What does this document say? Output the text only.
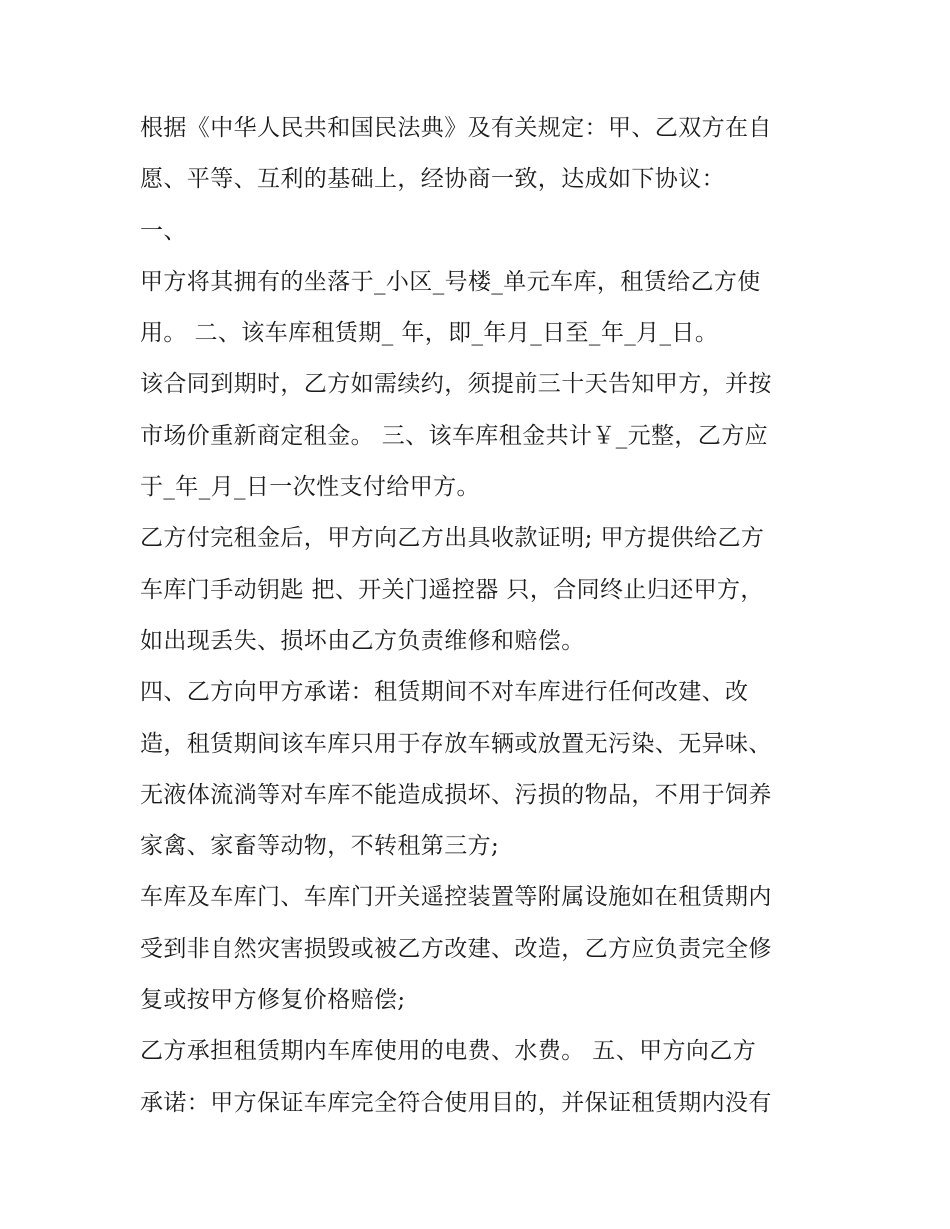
根据《中华人民共和国民法典》及有关规定：甲、乙双方在自
愿、平等、互利的基础上，经协商一致，达成如下协议：
一、
甲方将其拥有的坐落于_小区_号楼_单元车库，租赁给乙方使
用。 二、该车库租赁期_ 年，即_年月_日至_年_月_日。
该合同到期时，乙方如需续约，须提前三十天告知甲方，并按
市场价重新商定租金。 三、该车库租金共计￥_元整，乙方应
于_年_月_日一次性支付给甲方。
乙方付完租金后，甲方向乙方出具收款证明; 甲方提供给乙方
车库门手动钥匙 把、开关门遥控器 只，合同终止归还甲方，
如出现丢失、损坏由乙方负责维修和赔偿。
四、乙方向甲方承诺：租赁期间不对车库进行任何改建、改
造，租赁期间该车库只用于存放车辆或放置无污染、无异味、
无液体流淌等对车库不能造成损坏、污损的物品，不用于饲养
家禽、家畜等动物，不转租第三方;
车库及车库门、车库门开关遥控装置等附属设施如在租赁期内
受到非自然灾害损毁或被乙方改建、改造，乙方应负责完全修
复或按甲方修复价格赔偿;
乙方承担租赁期内车库使用的电费、水费。 五、甲方向乙方
承诺：甲方保证车库完全符合使用目的，并保证租赁期内没有
